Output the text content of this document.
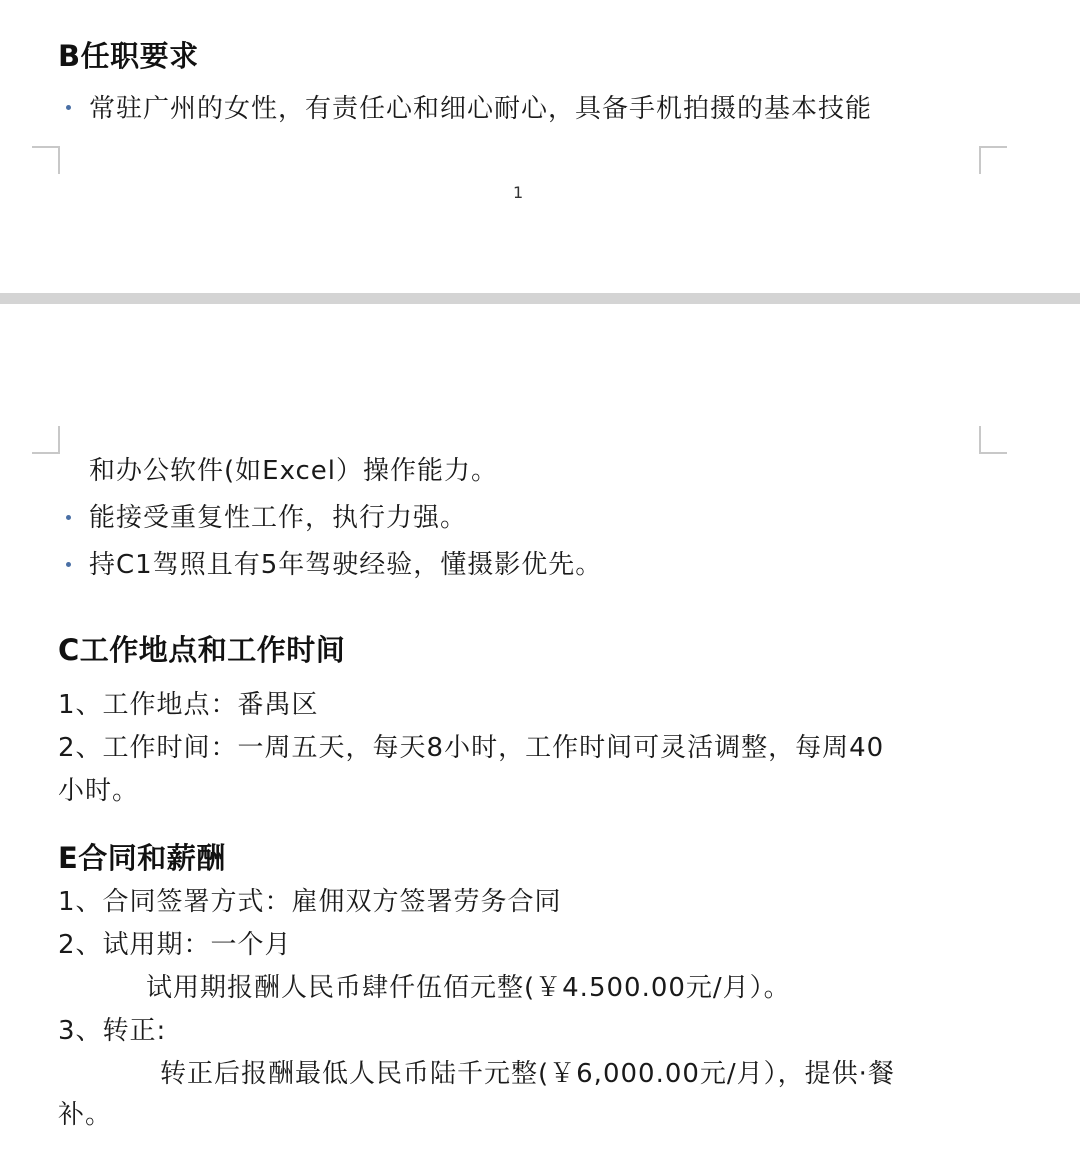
B任职要求
常驻广州的女性，有责任心和细心耐心，具备手机拍摄的基本技能
1
和办公软件(如Excel）操作能力。
能接受重复性工作，执行力强。
持C1驾照且有5年驾驶经验，懂摄影优先。
C工作地点和工作时间
1、工作地点：番禺区
2、工作时间：一周五天，每天8小时，工作时间可灵活调整，每周40
小时。
E合同和薪酬
1、合同签署方式：雇佣双方签署劳务合同
2、试用期：一个月
试用期报酬人民币肆仟伍佰元整(￥4.500.00元/月）。
3、转正:
转正后报酬最低人民币陆千元整(￥6,000.00元/月），提供·餐
补。
